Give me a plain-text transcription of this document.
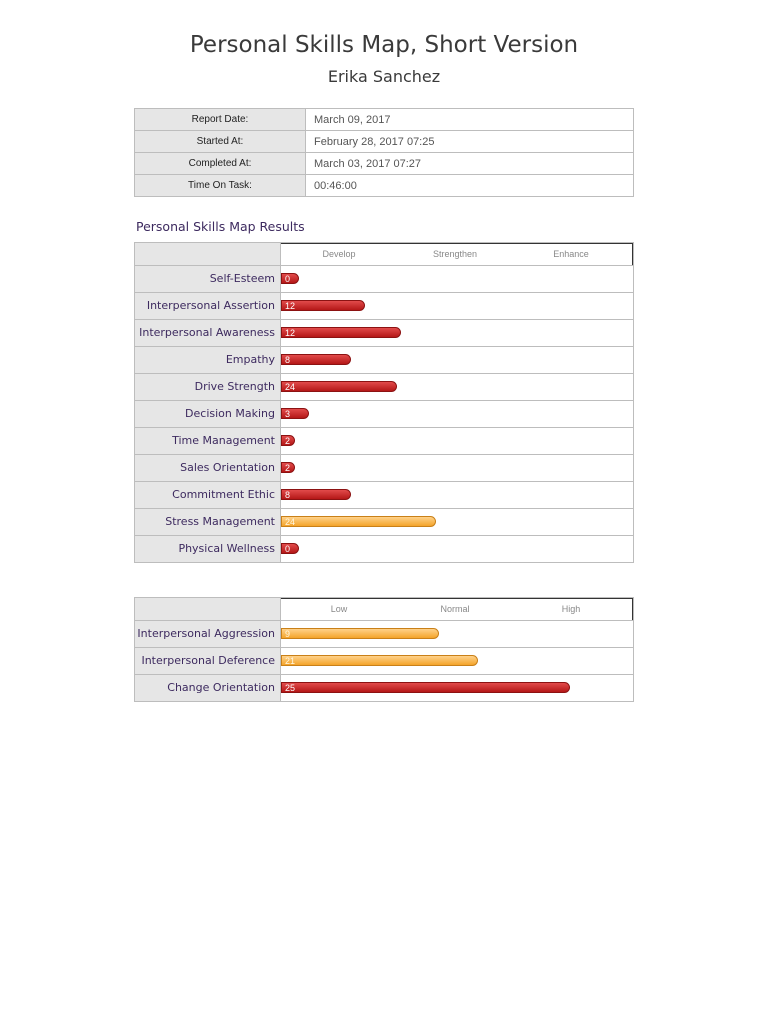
Personal Skills Map, Short Version
Erika Sanchez
Report Date:	March 09, 2017
Started At:	February 28, 2017 07:25
Completed At:	March 03, 2017 07:27
Time On Task:	00:46:00
Personal Skills Map Results
Develop	Strengthen	Enhance
Self-Esteem	0
Interpersonal Assertion	12
Interpersonal Awareness	12
Empathy	8
Drive Strength	24
Decision Making	3
Time Management	2
Sales Orientation	2
Commitment Ethic	8
Stress Management	24
Physical Wellness	0
Low	Normal	High
Interpersonal Aggression	9
Interpersonal Deference	21
Change Orientation	25
